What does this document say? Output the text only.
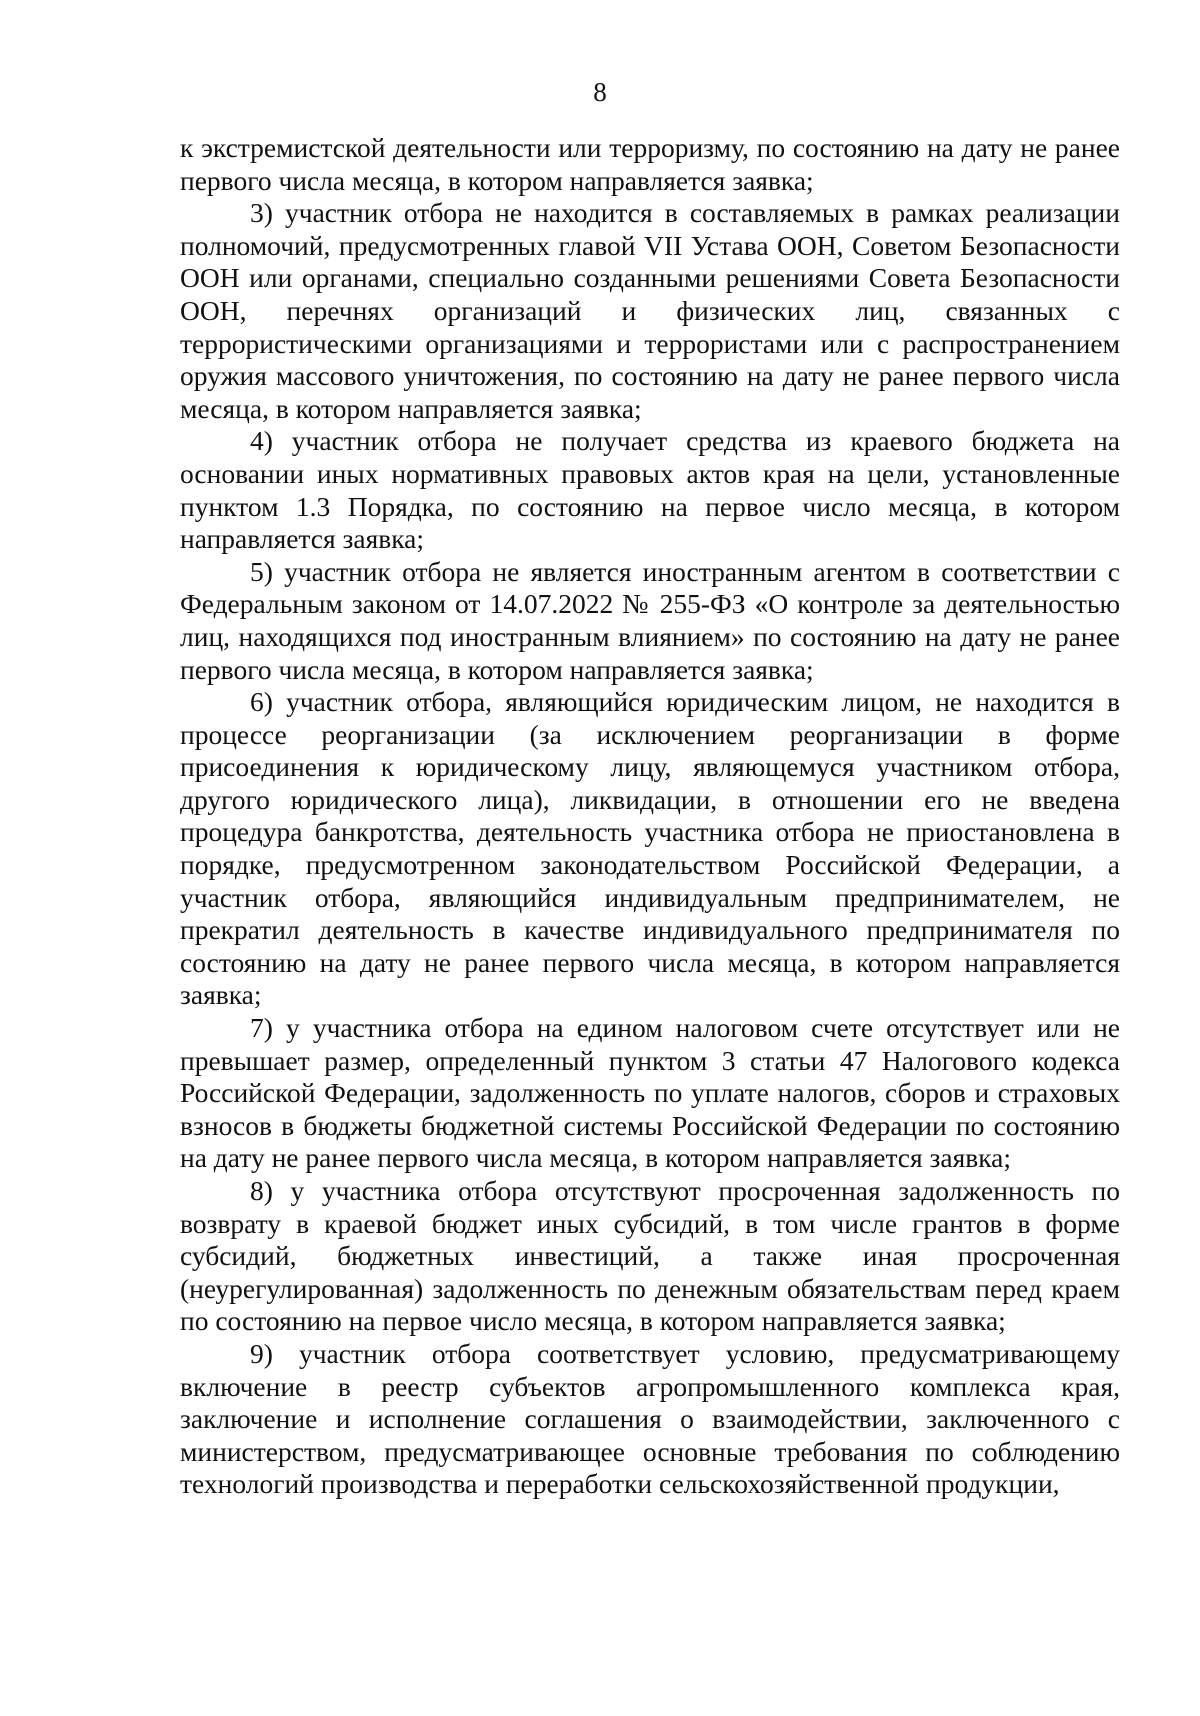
8

к экстремистской деятельности или терроризму, по состоянию на дату не ранее первого числа месяца, в котором направляется заявка;

3) участник отбора не находится в составляемых в рамках реализации полномочий, предусмотренных главой VII Устава ООН, Советом Безопасности ООН или органами, специально созданными решениями Совета Безопасности ООН, перечнях организаций и физических лиц, связанных с террористическими организациями и террористами или с распространением оружия массового уничтожения, по состоянию на дату не ранее первого числа месяца, в котором направляется заявка;

4) участник отбора не получает средства из краевого бюджета на основании иных нормативных правовых актов края на цели, установленные пунктом 1.3 Порядка, по состоянию на первое число месяца, в котором направляется заявка;

5) участник отбора не является иностранным агентом в соответствии с Федеральным законом от 14.07.2022 № 255-ФЗ «О контроле за деятельностью лиц, находящихся под иностранным влиянием» по состоянию на дату не ранее первого числа месяца, в котором направляется заявка;

6) участник отбора, являющийся юридическим лицом, не находится в процессе реорганизации (за исключением реорганизации в форме присоединения к юридическому лицу, являющемуся участником отбора, другого юридического лица), ликвидации, в отношении его не введена процедура банкротства, деятельность участника отбора не приостановлена в порядке, предусмотренном законодательством Российской Федерации, а участник отбора, являющийся индивидуальным предпринимателем, не прекратил деятельность в качестве индивидуального предпринимателя по состоянию на дату не ранее первого числа месяца, в котором направляется заявка;

7) у участника отбора на едином налоговом счете отсутствует или не превышает размер, определенный пунктом 3 статьи 47 Налогового кодекса Российской Федерации, задолженность по уплате налогов, сборов и страховых взносов в бюджеты бюджетной системы Российской Федерации по состоянию на дату не ранее первого числа месяца, в котором направляется заявка;

8) у участника отбора отсутствуют просроченная задолженность по возврату в краевой бюджет иных субсидий, в том числе грантов в форме субсидий, бюджетных инвестиций, а также иная просроченная (неурегулированная) задолженность по денежным обязательствам перед краем по состоянию на первое число месяца, в котором направляется заявка;

9) участник отбора соответствует условию, предусматривающему включение в реестр субъектов агропромышленного комплекса края, заключение и исполнение соглашения о взаимодействии, заключенного с министерством, предусматривающее основные требования по соблюдению технологий производства и переработки сельскохозяйственной продукции,
